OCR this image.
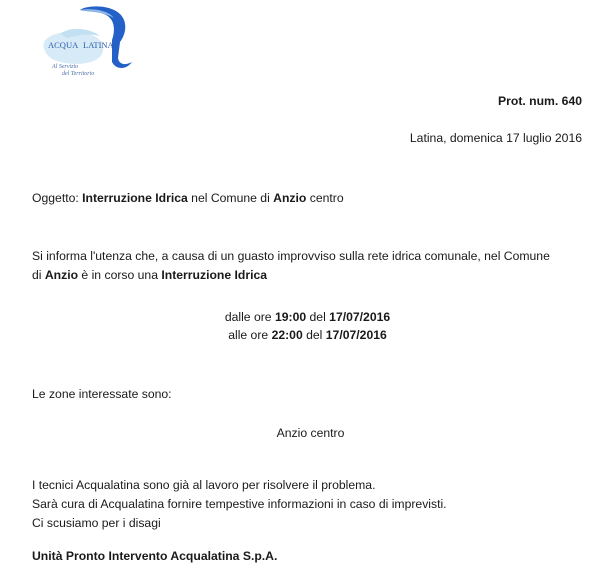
ACQUA LATINA
Al Servizio
del Territorio
Prot. num. 640
Latina, domenica 17 luglio 2016
Oggetto: Interruzione Idrica nel Comune di Anzio centro
Si informa l'utenza che, a causa di un guasto improvviso sulla rete idrica comunale, nel Comune
di Anzio è in corso una Interruzione Idrica
dalle ore 19:00 del 17/07/2016
alle ore 22:00 del 17/07/2016
Le zone interessate sono:
Anzio centro
I tecnici Acqualatina sono già al lavoro per risolvere il problema.
Sarà cura di Acqualatina fornire tempestive informazioni in caso di imprevisti.
Ci scusiamo per i disagi
Unità Pronto Intervento Acqualatina S.p.A.
